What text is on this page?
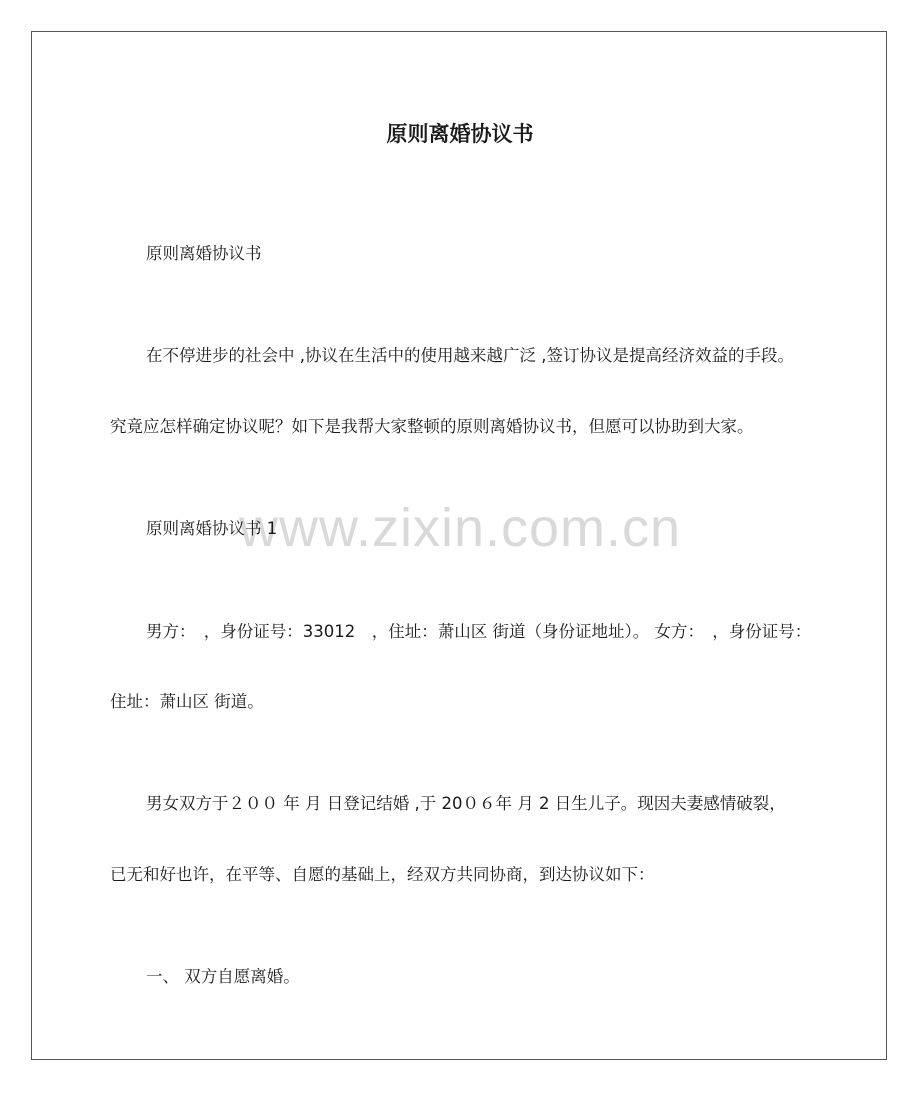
www.zixin.com.cn
原则离婚协议书
原则离婚协议书
在不停进步的社会中 ,协议在生活中的使用越来越广泛 ,签订协议是提高经济效益的手段。
究竟应怎样确定协议呢？如下是我帮大家整顿的原则离婚协议书，但愿可以协助到大家。
原则离婚协议书 1
男方：　，身份证号：33012　，住址：萧山区 街道（身份证地址）。 女方：　，身份证号：
住址：萧山区 街道。
男女双方于２００ 年 月 日登记结婚 ,于 20０６年 月 2 日生儿子。现因夫妻感情破裂，
已无和好也许，在平等、自愿的基础上，经双方共同协商，到达协议如下：
一、 双方自愿离婚。
